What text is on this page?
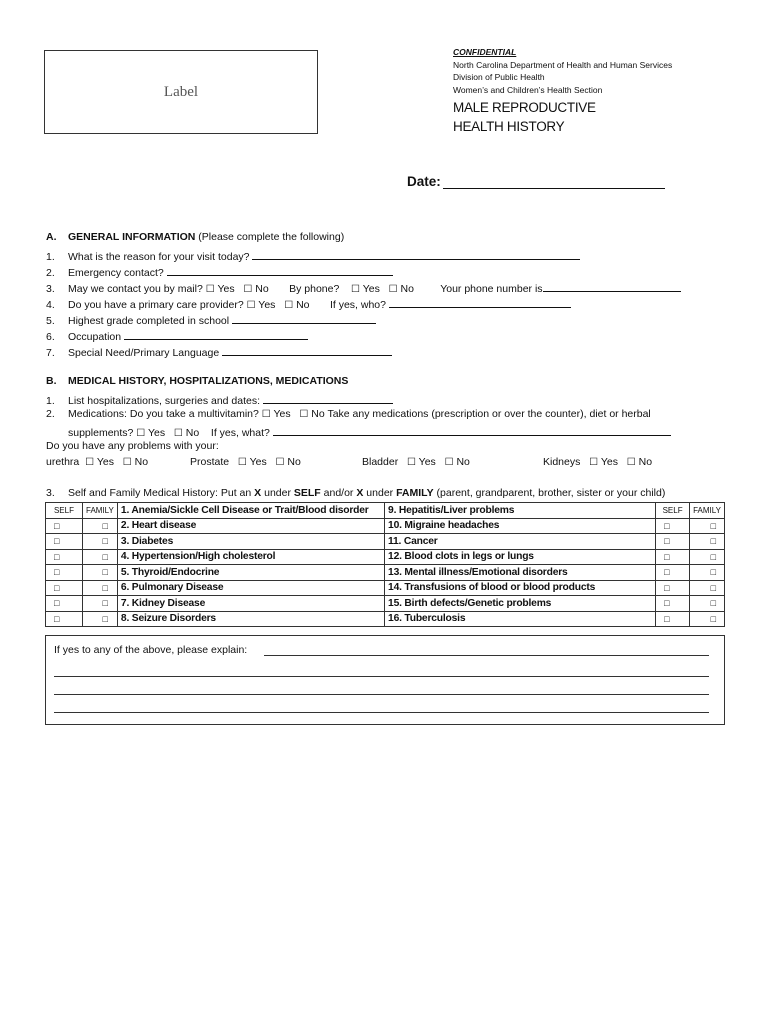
Label
CONFIDENTIAL
North Carolina Department of Health and Human Services
Division of Public Health
Women’s and Children’s Health Section
MALE REPRODUCTIVE
HEALTH HISTORY
Date:
A. GENERAL INFORMATION (Please complete the following)
1. What is the reason for your visit today?
2. Emergency contact?
3. May we contact you by mail? ☐ Yes ☐ No By phone? ☐ Yes ☐ No	Your phone number is
4. Do you have a primary care provider? ☐ Yes ☐ No If yes, who?
5. Highest grade completed in school
6. Occupation
7. Special Need/Primary Language
B. MEDICAL HISTORY, HOSPITALIZATIONS, MEDICATIONS
1. List hospitalizations, surgeries and dates:
2. Medications: Do you take a multivitamin? ☐ Yes ☐ No Take any medications (prescription or over the counter), diet or herbal
supplements? ☐ Yes ☐ No If yes, what?
Do you have any problems with your:
urethra ☐ Yes ☐ No	Prostate ☐ Yes ☐ No	Bladder ☐ Yes ☐ No	Kidneys ☐ Yes ☐ No
3. Self and Family Medical History: Put an X under SELF and/or X under FAMILY (parent, grandparent, brother, sister or your child)
SELF	FAMILY	1. Anemia/Sickle Cell Disease or Trait/Blood disorder	9. Hepatitis/Liver problems	SELF	FAMILY
□	□	2. Heart disease	10. Migraine headaches	□	□
□	□	3. Diabetes	11. Cancer	□	□
□	□	4. Hypertension/High cholesterol	12. Blood clots in legs or lungs	□	□
□	□	5. Thyroid/Endocrine	13. Mental illness/Emotional disorders	□	□
□	□	6. Pulmonary Disease	14. Transfusions of blood or blood products	□	□
□	□	7. Kidney Disease	15. Birth defects/Genetic problems	□	□
□	□	8. Seizure Disorders	16. Tuberculosis	□	□
If yes to any of the above, please explain:
